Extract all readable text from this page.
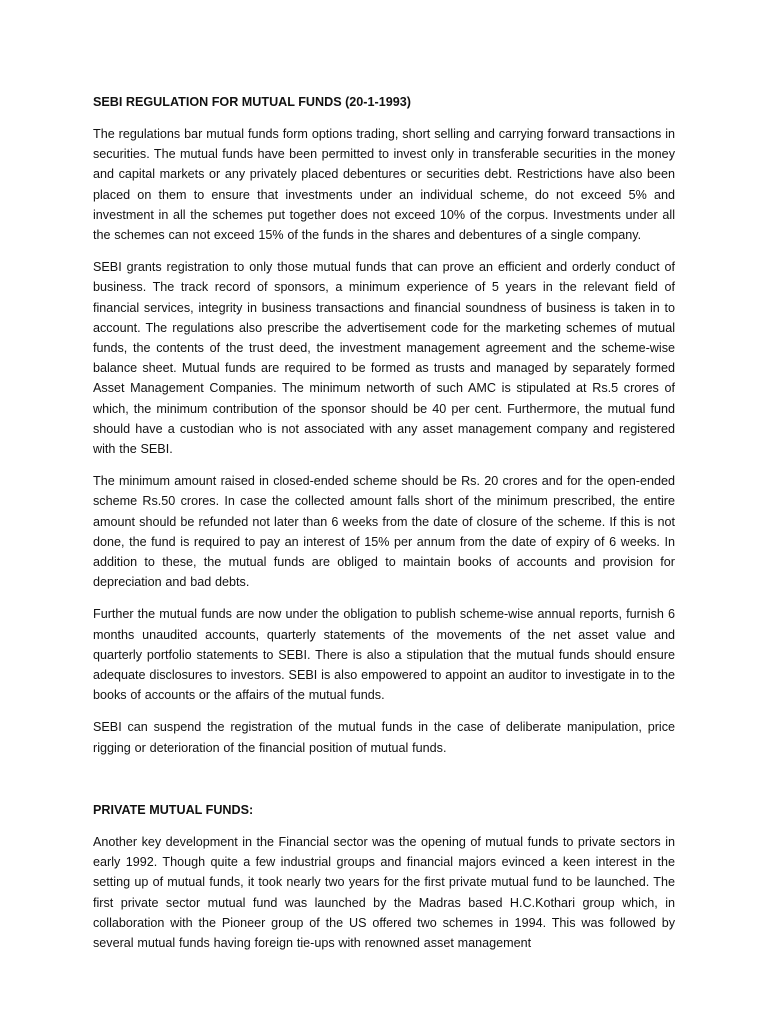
SEBI REGULATION FOR MUTUAL FUNDS (20-1-1993)

The regulations bar mutual funds form options trading, short selling and carrying forward transactions in securities. The mutual funds have been permitted to invest only in transferable securities in the money and capital markets or any privately placed debentures or securities debt. Restrictions have also been placed on them to ensure that investments under an individual scheme, do not exceed 5% and investment in all the schemes put together does not exceed 10% of the corpus. Investments under all the schemes can not exceed 15% of the funds in the shares and debentures of a single company.

SEBI grants registration to only those mutual funds that can prove an efficient and orderly conduct of business. The track record of sponsors, a minimum experience of 5 years in the relevant field of financial services, integrity in business transactions and financial soundness of business is taken in to account. The regulations also prescribe the advertisement code for the marketing schemes of mutual funds, the contents of the trust deed, the investment management agreement and the scheme-wise balance sheet. Mutual funds are required to be formed as trusts and managed by separately formed Asset Management Companies. The minimum networth of such AMC is stipulated at Rs.5 crores of which, the minimum contribution of the sponsor should be 40 per cent. Furthermore, the mutual fund should have a custodian who is not associated with any asset management company and registered with the SEBI.

The minimum amount raised in closed-ended scheme should be Rs. 20 crores and for the open-ended scheme Rs.50 crores. In case the collected amount falls short of the minimum prescribed, the entire amount should be refunded not later than 6 weeks from the date of closure of the scheme. If this is not done, the fund is required to pay an interest of 15% per annum from the date of expiry of 6 weeks. In addition to these, the mutual funds are obliged to maintain books of accounts and provision for depreciation and bad debts.

Further the mutual funds are now under the obligation to publish scheme-wise annual reports, furnish 6 months unaudited accounts, quarterly statements of the movements of the net asset value and quarterly portfolio statements to SEBI. There is also a stipulation that the mutual funds should ensure adequate disclosures to investors. SEBI is also empowered to appoint an auditor to investigate in to the books of accounts or the affairs of the mutual funds.

SEBI can suspend the registration of the mutual funds in the case of deliberate manipulation, price rigging or deterioration of the financial position of mutual funds.

PRIVATE MUTUAL FUNDS:

Another key development in the Financial sector was the opening of mutual funds to private sectors in early 1992. Though quite a few industrial groups and financial majors evinced a keen interest in the setting up of mutual funds, it took nearly two years for the first private mutual fund to be launched. The first private sector mutual fund was launched by the Madras based H.C.Kothari group which, in collaboration with the Pioneer group of the US offered two schemes in 1994. This was followed by several mutual funds having foreign tie-ups with renowned asset management
